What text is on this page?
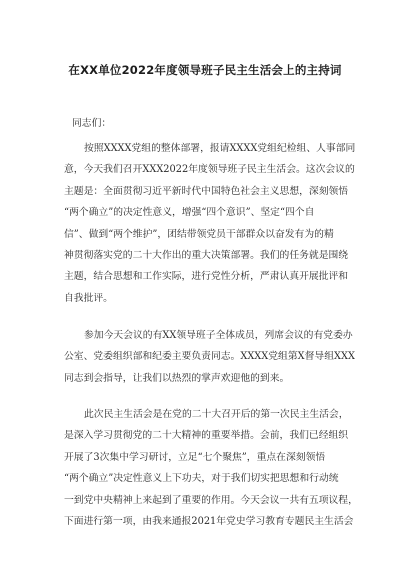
在XX单位2022年度领导班子民主生活会上的主持词
同志们：
按照XXXX党组的整体部署，报请XXXX党组纪检组、人事部同
意，今天我们召开XXX2022年度领导班子民主生活会。这次会议的
主题是：全面贯彻习近平新时代中国特色社会主义思想，深刻领悟
“两个确立”的决定性意义，增强“四个意识”、坚定“四个自
信”、做到“两个维护”，团结带领党员干部群众以奋发有为的精
神贯彻落实党的二十大作出的重大决策部署。我们的任务就是围绕
主题，结合思想和工作实际，进行党性分析，严肃认真开展批评和
自我批评。
参加今天会议的有XX领导班子全体成员，列席会议的有党委办
公室、党委组织部和纪委主要负责同志。XXXX党组第X督导组XXX
同志到会指导，让我们以热烈的掌声欢迎他的到来。
此次民主生活会是在党的二十大召开后的第一次民主生活会，
是深入学习贯彻党的二十大精神的重要举措。会前，我们已经组织
开展了3次集中学习研讨，立足“七个聚焦”，重点在深刻领悟
“两个确立”决定性意义上下功夫，对于我们切实把思想和行动统
一到党中央精神上来起到了重要的作用。今天会议一共有五项议程，
下面进行第一项，由我来通报2021年党史学习教育专题民主生活会
